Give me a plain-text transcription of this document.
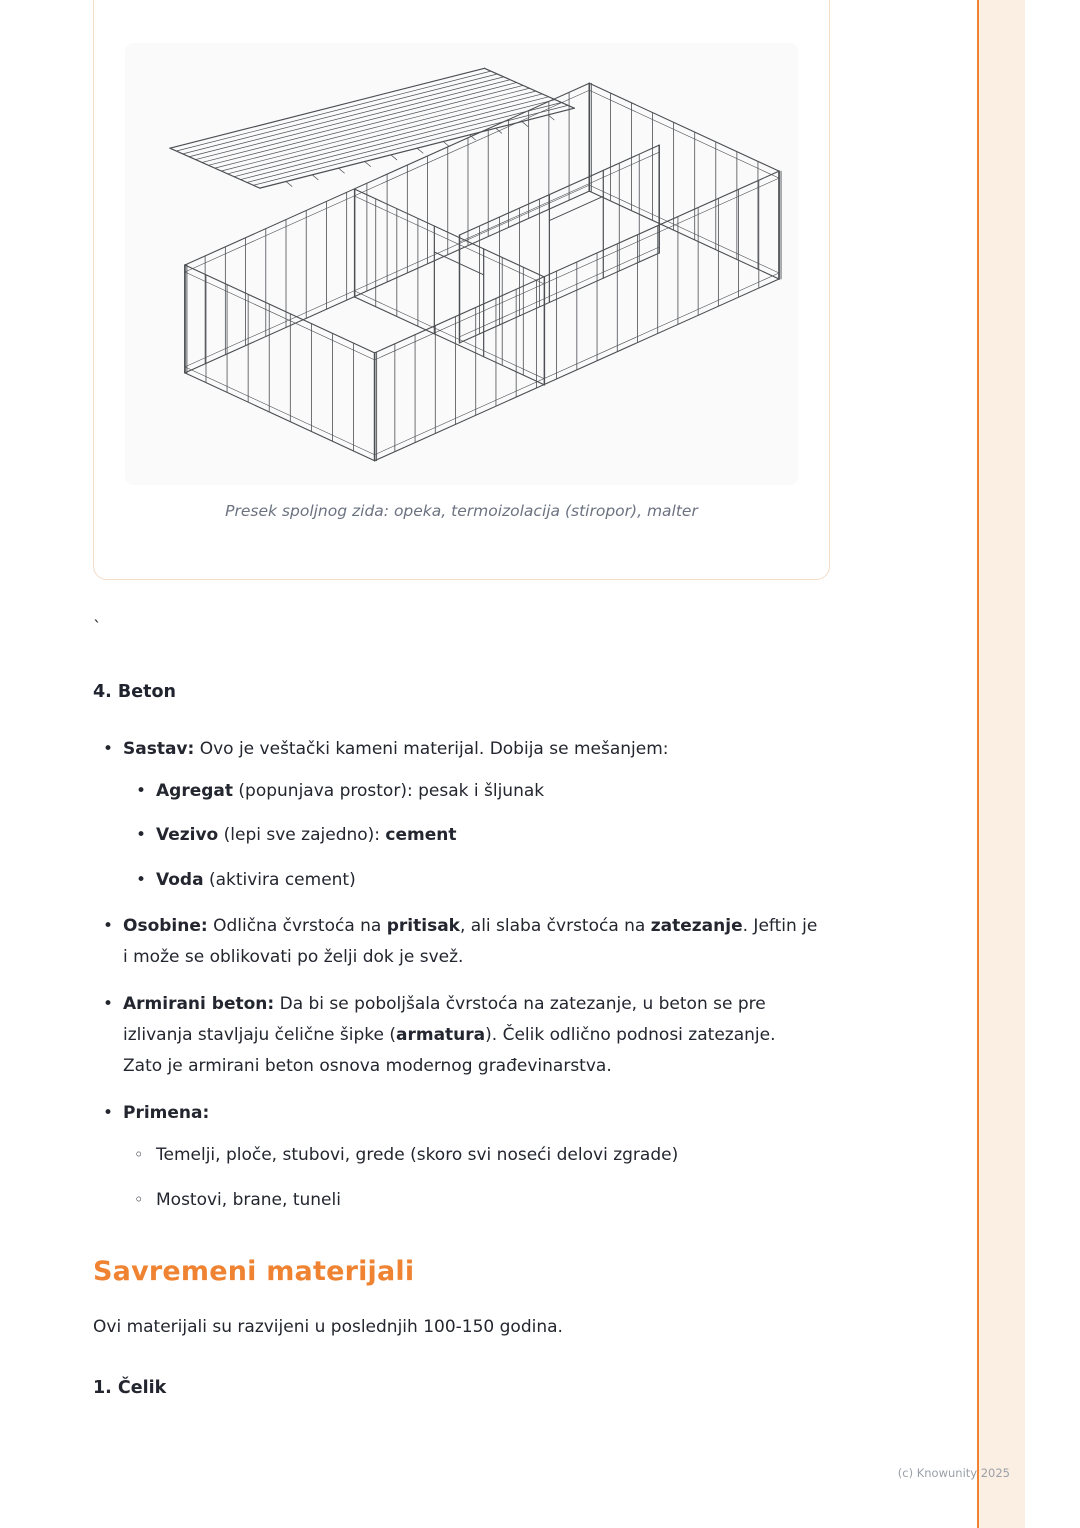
Presek spoljnog zida: opeka, termoizolacija (stiropor), malter
`
4. Beton
• Sastav: Ovo je veštački kameni materijal. Dobija se mešanjem:
• Agregat (popunjava prostor): pesak i šljunak
• Vezivo (lepi sve zajedno): cement
• Voda (aktivira cement)
• Osobine: Odlična čvrstoća na pritisak, ali slaba čvrstoća na zatezanje. Jeftin je i može se oblikovati po želji dok je svež.
• Armirani beton: Da bi se poboljšala čvrstoća na zatezanje, u beton se pre izlivanja stavljaju čelične šipke (armatura). Čelik odlično podnosi zatezanje. Zato je armirani beton osnova modernog građevinarstva.
• Primena:
◦ Temelji, ploče, stubovi, grede (skoro svi noseći delovi zgrade)
◦ Mostovi, brane, tuneli
Savremeni materijali

Ovi materijali su razvijeni u poslednjih 100-150 godina.

1. Čelik
(c) Knowunity 2025
